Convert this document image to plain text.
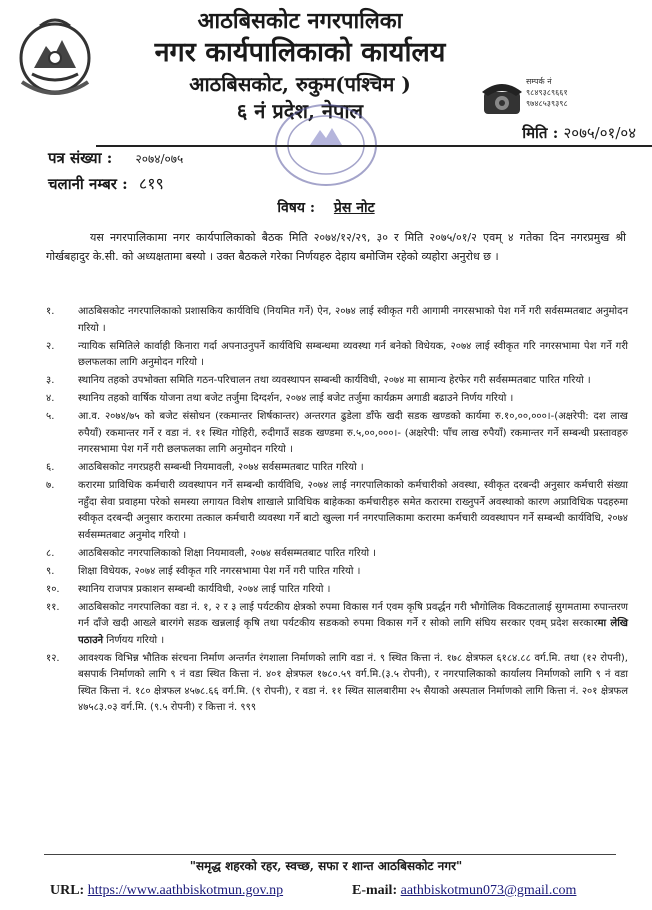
आठबिसकोट नगरपालिका
नगर कार्यपालिकाको कार्यालय
आठबिसकोट, रुकुम(पश्चिम )
६ नं प्रदेश, नेपाल
सम्पर्क नं
९८४९३८९६६१
९७४८५३९३९८
मिति : २०७५/०१/०४
पत्र संख्या : २०७४/०७५
चलानी नम्बर : ८१९
विषय : प्रेस नोट
यस नगरपालिकामा नगर कार्यपालिकाको बैठक मिति २०७४/१२/२९, ३० र मिति २०७५/०१/२ एवम् ४ गतेका दिन नगरप्रमुख श्री गोर्खबहादुर के.सी. को अध्यक्षतामा बस्यो । उक्त बैठकले गरेका निर्णयहरु देहाय बमोजिम रहेको व्यहोरा अनुरोध छ ।
१. आठबिसकोट नगरपालिकाको प्रशासकिय कार्यविधि (नियमित गर्ने) ऐन, २०७४ लाई स्वीकृत गरी आगामी नगरसभाको पेश गर्ने गरी सर्वसम्मतबाट अनुमोदन गरियो ।
२. न्यायिक समितिले कार्वाही किनारा गर्दा अपनाउनुपर्ने कार्यविधि सम्बन्धमा व्यवस्था गर्न बनेको विधेयक, २०७४ लाई स्वीकृत गरि नगरसभामा पेश गर्ने गरी छलफलका लागि अनुमोदन गरियो ।
३. स्थानिय तहको उपभोक्ता समिति गठन-परिचालन तथा व्यवस्थापन सम्बन्धी कार्यविधी, २०७४ मा सामान्य हेरफेर गरी सर्वसम्मतबाट पारित गरियो ।
४. स्थानिय तहको वार्षिक योजना तथा बजेट तर्जुमा दिग्दर्शन, २०७४ लाई बजेट तर्जुमा कार्यक्रम अगाडी बढाउने निर्णय गरियो ।
५. आ.व. २०७४/७५ को बजेट संसोधन (रकमान्तर शिर्षकान्तर) अन्तरगत ढुडेला डाँफे खदी सडक खण्डको कार्यमा रु.१०,००,०००।-(अक्षरेपी: दश लाख रुपैयाँ) रकमान्तर गर्ने र वडा नं. ११ स्थित गोहिरी, रुदीगाउँ सडक खण्डमा रु.५,००,०००।- (अक्षरेपी: पाँच लाख रुपैयाँ) रकमान्तर गर्ने सम्बन्धी प्रस्तावहरु नगरसभामा पेश गर्ने गरी छलफलका लागि अनुमोदन गरियो ।
६. आठबिसकोट नगरप्रहरी सम्बन्धी नियमावली, २०७४ सर्वसम्मतबाट पारित गरियो ।
७. करारमा प्राविधिक कर्मचारी व्यवस्थापन गर्ने सम्बन्धी कार्यविधि, २०७४ लाई नगरपालिकाको कर्मचारीको अवस्था, स्वीकृत दरबन्दी अनुसार कर्मचारी संख्या नहुँदा सेवा प्रवाहमा परेको समस्या लगायत विशेष शाखाले प्राविधिक बाहेकका कर्मचारीहरु समेत करारमा राख्नुपर्ने अवस्थाको कारण अप्राविधिक पदहरुमा स्वीकृत दरबन्दी अनुसार करारमा तत्काल कर्मचारी व्यवस्था गर्ने बाटो खुल्ला गर्न नगरपालिकामा करारमा कर्मचारी व्यवस्थापन गर्ने सम्बन्धी कार्यविधि, २०७४ सर्वसम्मतबाट अनुमोद गरियो ।
८. आठबिसकोट नगरपालिकाको शिक्षा नियमावली, २०७४ सर्वसम्मतबाट पारित गरियो ।
९. शिक्षा विधेयक, २०७४ लाई स्वीकृत गरि नगरसभामा पेश गर्ने गरी पारित गरियो ।
१०. स्थानिय राजपत्र प्रकाशन सम्बन्धी कार्यविधी, २०७४ लाई पारित गरियो ।
११. आठबिसकोट नगरपालिका वडा नं. १, २ र ३ लाई पर्यटकीय क्षेत्रको रुपमा विकास गर्न एवम कृषि प्रवर्द्धन गरी भौगोलिक विकटतालाई सुगमतामा रुपान्तरण गर्न दाँजे खदी आख्ले बारगंगे सडक खन्नलाई कृषि तथा पर्यटकीय सडकको रुपमा विकास गर्ने र सोको लागि संघिय सरकार एवम् प्रदेश सरकारमा लेखि पठाउने निर्णयय गरियो ।
१२. आवश्यक विभिन्न भौतिक संरचना निर्माण अन्तर्गत रंगशाला निर्माणको लागि वडा नं. ९ स्थित कित्ता नं. १७८ क्षेत्रफल ६१८४.८८ वर्ग.मि. तथा (१२ रोपनी), बसपार्क निर्माणको लागि ९ नं वडा स्थित कित्ता नं. ४०१ क्षेत्रफल १७८०.५९ वर्ग.मि.(३.५ रोपनी), र नगरपालिकाको कार्यालय निर्माणको लागि ९ नं वडा स्थित कित्ता नं. १८० क्षेत्रफल ४५७८.६६ वर्ग.मि. (९ रोपनी), र वडा नं. ११ स्थित सालबारीमा २५ सैयाको अस्पताल निर्माणको लागि कित्ता नं. २०१ क्षेत्रफल ४७५८३.०३ वर्ग.मि. (९.५ रोपनी) र कित्ता नं. ९९९
"समृद्ध शहरको रहर, स्वच्छ, सफा र शान्त आठबिसकोट नगर"
URL: https://www.aathbiskotmun.gov.np	E-mail: aathbiskotmun073@gmail.com
